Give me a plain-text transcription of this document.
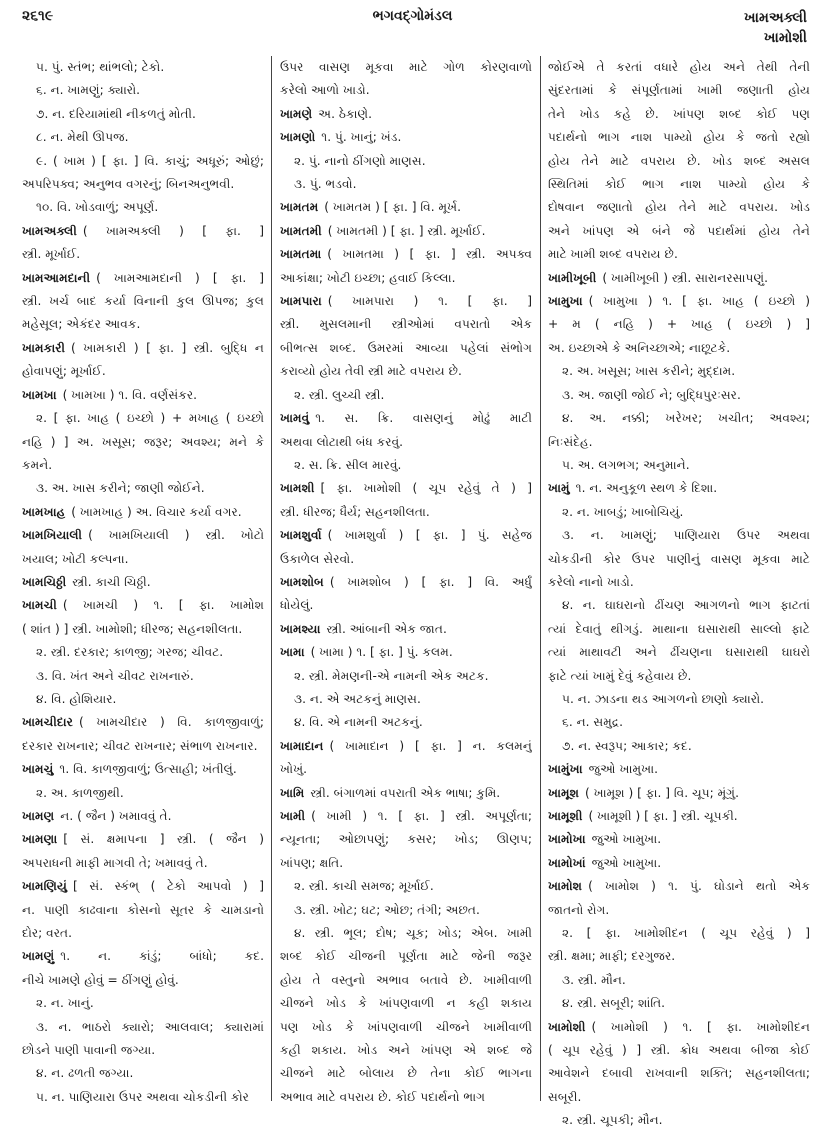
૨૬૧૯	ભગવદ્ગોમંડલ	ખામઅક્લી
ખામોશી
૫. પું. સ્તંભ; થાંભલો; ટેકો.
૬. ન. ખામણું; ક્યારો.
૭. ન. દરિયામાંથી નીકળતું મોતી.
૮. ન. મેથી ઊપજ.
૯. ( ખામ ) [ ફા. ] વિ. કાચું; અધૂરું; ઓછું;
અપરિપક્વ; અનુભવ વગરનું; બિનઅનુભવી.
૧૦. વિ. ખોડવાળું; અપૂર્ણ.
ખામઅક્લી ( ખામઅક્લી ) [ ફા. ]
સ્ત્રી. મૂર્ખાઈ.
ખામઆમદાની ( ખામઆમદાની ) [ ફા. ]
સ્ત્રી. ખર્ચ બાદ કર્યા વિનાની કુલ ઊપજ; કુલ
મહેસૂલ; એકંદર આવક.
ખામકારી ( ખામકારી ) [ ફા. ] સ્ત્રી. બુદ્ધિ ન
હોવાપણું; મૂર્ખાઈ.
ખામખા ( ખામખા ) ૧. વિ. વર્ણસંકર.
૨. [ ફા. ખાહ ( ઇચ્છો ) + મખાહ ( ઇચ્છો
નહિ ) ] અ. ખસૂસ; જરૂર; અવશ્ય; મને કે
કમને.
૩. અ. ખાસ કરીને; જાણી જોઈને.
ખામખાહ ( ખામખાહ ) અ. વિચાર કર્યા વગર.
ખામખિયાલી ( ખામખિયાલી ) સ્ત્રી. ખોટો
ખયાલ; ખોટી કલ્પના.
ખામચિઠ્ઠી સ્ત્રી. કાચી ચિઠ્ઠી.
ખામચી ( ખામચી ) ૧. [ ફા. ખામોશ
( શાંત ) ] સ્ત્રી. ખામોશી; ધીરજ; સહનશીલતા.
૨. સ્ત્રી. દરકાર; કાળજી; ગરજ; ચીવટ.
૩. વિ. ખંત અને ચીવટ રાખનારું.
૪. વિ. હોશિયાર.
ખામચીદાર ( ખામચીદાર ) વિ. કાળજીવાળું;
દરકાર રાખનાર; ચીવટ રાખનાર; સંભાળ રાખનાર.
ખામચું ૧. વિ. કાળજીવાળું; ઉત્સાહી; ખંતીલું.
૨. અ. કાળજીથી.
ખામણ ન. ( જૈન ) ખમાવવું તે.
ખામણા [ સં. ક્ષમાપના ] સ્ત્રી. ( જૈન )
અપરાધની માફી માગવી તે; ખમાવવું તે.
ખામણિયું [ સં. સ્કંભ્ ( ટેકો આપવો ) ]
ન. પાણી કાઢવાના કોસનો સૂતર કે ચામડાનો
દોર; વરત.
ખામણું ૧. ન. કાંડું; બાંધો; કદ.
નીચે ખામણે હોવું = ઠીંગણું હોવું.
૨. ન. ખાનું.
૩. ન. ભાઠરો ક્યારો; આલવાલ; ક્યારામાં
છોડને પાણી પાવાની જગ્યા.
૪. ન. ઢળતી જગ્યા.
૫. ન. પાણિયારા ઉપર અથવા ચોકડીની કોર
ઉપર વાસણ મૂકવા માટે ગોળ કોરણવાળો
કરેલો આળો ખાડો.
ખામણે અ. ઠેકાણે.
ખામણો ૧. પું. ખાનું; ખંડ.
૨. પું. નાનો ઠીંગણો માણસ.
૩. પું. ભડવો.
ખામતમ ( ખામતમ ) [ ફા. ] વિ. મૂર્ખ.
ખામતમી ( ખામતમી ) [ ફા. ] સ્ત્રી. મૂર્ખાઈ.
ખામતમા ( ખામતમા ) [ ફા. ] સ્ત્રી. અપક્વ
આકાંક્ષા; ખોટી ઇચ્છા; હવાઈ કિલ્લા.
ખામપારા ( ખામપારા ) ૧. [ ફા. ]
સ્ત્રી. મુસલમાની સ્ત્રીઓમાં વપરાતો એક
બીભત્સ શબ્દ. ઉમરમાં આવ્યા પહેલાં સંભોગ
કરાવ્યો હોય તેવી સ્ત્રી માટે વપરાય છે.
૨. સ્ત્રી. લુચ્ચી સ્ત્રી.
ખામવું ૧. સ. ક્રિ. વાસણનું મોઢું માટી
અથવા લોટાથી બંધ કરવું.
૨. સ. ક્રિ. સીલ મારવું.
ખામશી [ ફા. ખામોશી ( ચૂપ રહેવું તે ) ]
સ્ત્રી. ધીરજ; ધૈર્ય; સહનશીલતા.
ખામશુર્વા ( ખામશુર્વા ) [ ફા. ] પું. સહેજ
ઉકાળેલ સેરવો.
ખામશોબ ( ખામશોબ ) [ ફા. ] વિ. અર્ધું
ધોયેલું.
ખામશ્યા સ્ત્રી. આંબાની એક જાત.
ખામા ( ખામા ) ૧. [ ફા. ] પું. કલમ.
૨. સ્ત્રી. મેમણની-એ નામની એક અટક.
૩. ન. એ અટકનું માણસ.
૪. વિ. એ નામની અટકનું.
ખામાદાન ( ખામાદાન ) [ ફા. ] ન. કલમનું
ખોખું.
ખામિ સ્ત્રી. બંગાળમાં વપરાતી એક ભાષા; કુમિ.
ખામી ( ખામી ) ૧. [ ફા. ] સ્ત્રી. અપૂર્ણતા;
ન્યૂનતા; ઓછાપણું; કસર; ખોડ; ઊણપ;
ખાંપણ; ક્ષતિ.
૨. સ્ત્રી. કાચી સમજ; મૂર્ખાઈ.
૩. સ્ત્રી. ખોટ; ઘટ; ઓછ; તંગી; અછત.
૪. સ્ત્રી. ભૂલ; દોષ; ચૂક; ખોડ; એબ. ખામી
શબ્દ કોઈ ચીજની પૂર્ણતા માટે જેની જરૂર
હોય તે વસ્તુનો અભાવ બતાવે છે. ખામીવાળી
ચીજને ખોડ કે ખાંપણવાળી ન કહી શકાય
પણ ખોડ કે ખાંપણવાળી ચીજને ખામીવાળી
કહી શકાય. ખોડ અને ખાંપણ એ શબ્દ જે
ચીજને માટે બોલાય છે તેના કોઈ ભાગના
અભાવ માટે વપરાય છે. કોઈ પદાર્થનો ભાગ
જોઈએ તે કરતાં વધારે હોય અને તેથી તેની
સુંદરતામાં કે સંપૂર્ણતામાં ખામી જણાતી હોય
તેને ખોડ કહે છે. ખાંપણ શબ્દ કોઈ પણ
પદાર્થનો ભાગ નાશ પામ્યો હોય કે જતો રહ્યો
હોય તેને માટે વપરાય છે. ખોડ શબ્દ અસલ
સ્થિતિમાં કોઈ ભાગ નાશ પામ્યો હોય કે
દોષવાન જણાતો હોય તેને માટે વપરાય. ખોડ
અને ખાંપણ એ બંને જે પદાર્થમાં હોય તેને
માટે ખામી શબ્દ વપરાય છે.
ખામીખૂબી ( ખામીખૂબી ) સ્ત્રી. સારાનરસાપણું.
ખામુખા ( ખામુખા ) ૧. [ ફા. ખાહ ( ઇચ્છો )
+ મ ( નહિ ) + ખાહ ( ઇચ્છો ) ]
અ. ઇચ્છાએ કે અનિચ્છાએ; નાછૂટકે.
૨. અ. ખસૂસ; ખાસ કરીને; મુદ્દામ.
૩. અ. જાણી જોઈ ને; બુદ્ધિપુરઃસર.
૪. અ. નક્કી; ખરેખર; ખચીત; અવશ્ય;
નિઃસંદેહ.
૫. અ. લગભગ; અનુમાને.
ખામું ૧. ન. અનુકૂળ સ્થળ કે દિશા.
૨. ન. ખાબડું; ખાબોચિયું.
૩. ન. ખામણું; પાણિયારા ઉપર અથવા
ચોકડીની કોર ઉપર પાણીનું વાસણ મૂકવા માટે
કરેલો નાનો ખાડો.
૪. ન. ઘાઘરાનો ઢીંચણ આગળનો ભાગ ફાટતાં
ત્યાં દેવાતું થીગડું. માથાના ઘસારાથી સાલ્લો ફાટે
ત્યાં માથાવટી અને ઢીંચણના ઘસારાથી ઘાઘરો
ફાટે ત્યાં ખામું દેવું કહેવાય છે.
૫. ન. ઝાડના થડ આગળનો છાણો ક્યારો.
૬. ન. સમુદ્ર.
૭. ન. સ્વરૂપ; આકાર; કદ.
ખામુંખા જુઓ ખામુખા.
ખામૂશ ( ખામૂશ ) [ ફા. ] વિ. ચૂપ; મૂંગું.
ખામૂશી ( ખામૂશી ) [ ફા. ] સ્ત્રી. ચૂપકી.
ખામોખા જુઓ ખામુખા.
ખામોખાં જુઓ ખામુખા.
ખામોશ ( ખામોશ ) ૧. પું. ઘોડાને થતો એક
જાતનો રોગ.
૨. [ ફા. ખામોશીદન ( ચૂપ રહેવું ) ]
સ્ત્રી. ક્ષમા; માફી; દરગુજર.
૩. સ્ત્રી. મૌન.
૪. સ્ત્રી. સબૂરી; શાંતિ.
ખામોશી ( ખામોશી ) ૧. [ ફા. ખામોશીદન
( ચૂપ રહેવું ) ] સ્ત્રી. ક્રોધ અથવા બીજા કોઈ
આવેશને દબાવી રાખવાની શક્તિ; સહનશીલતા;
સબૂરી.
૨. સ્ત્રી. ચૂપકી; મૌન.
